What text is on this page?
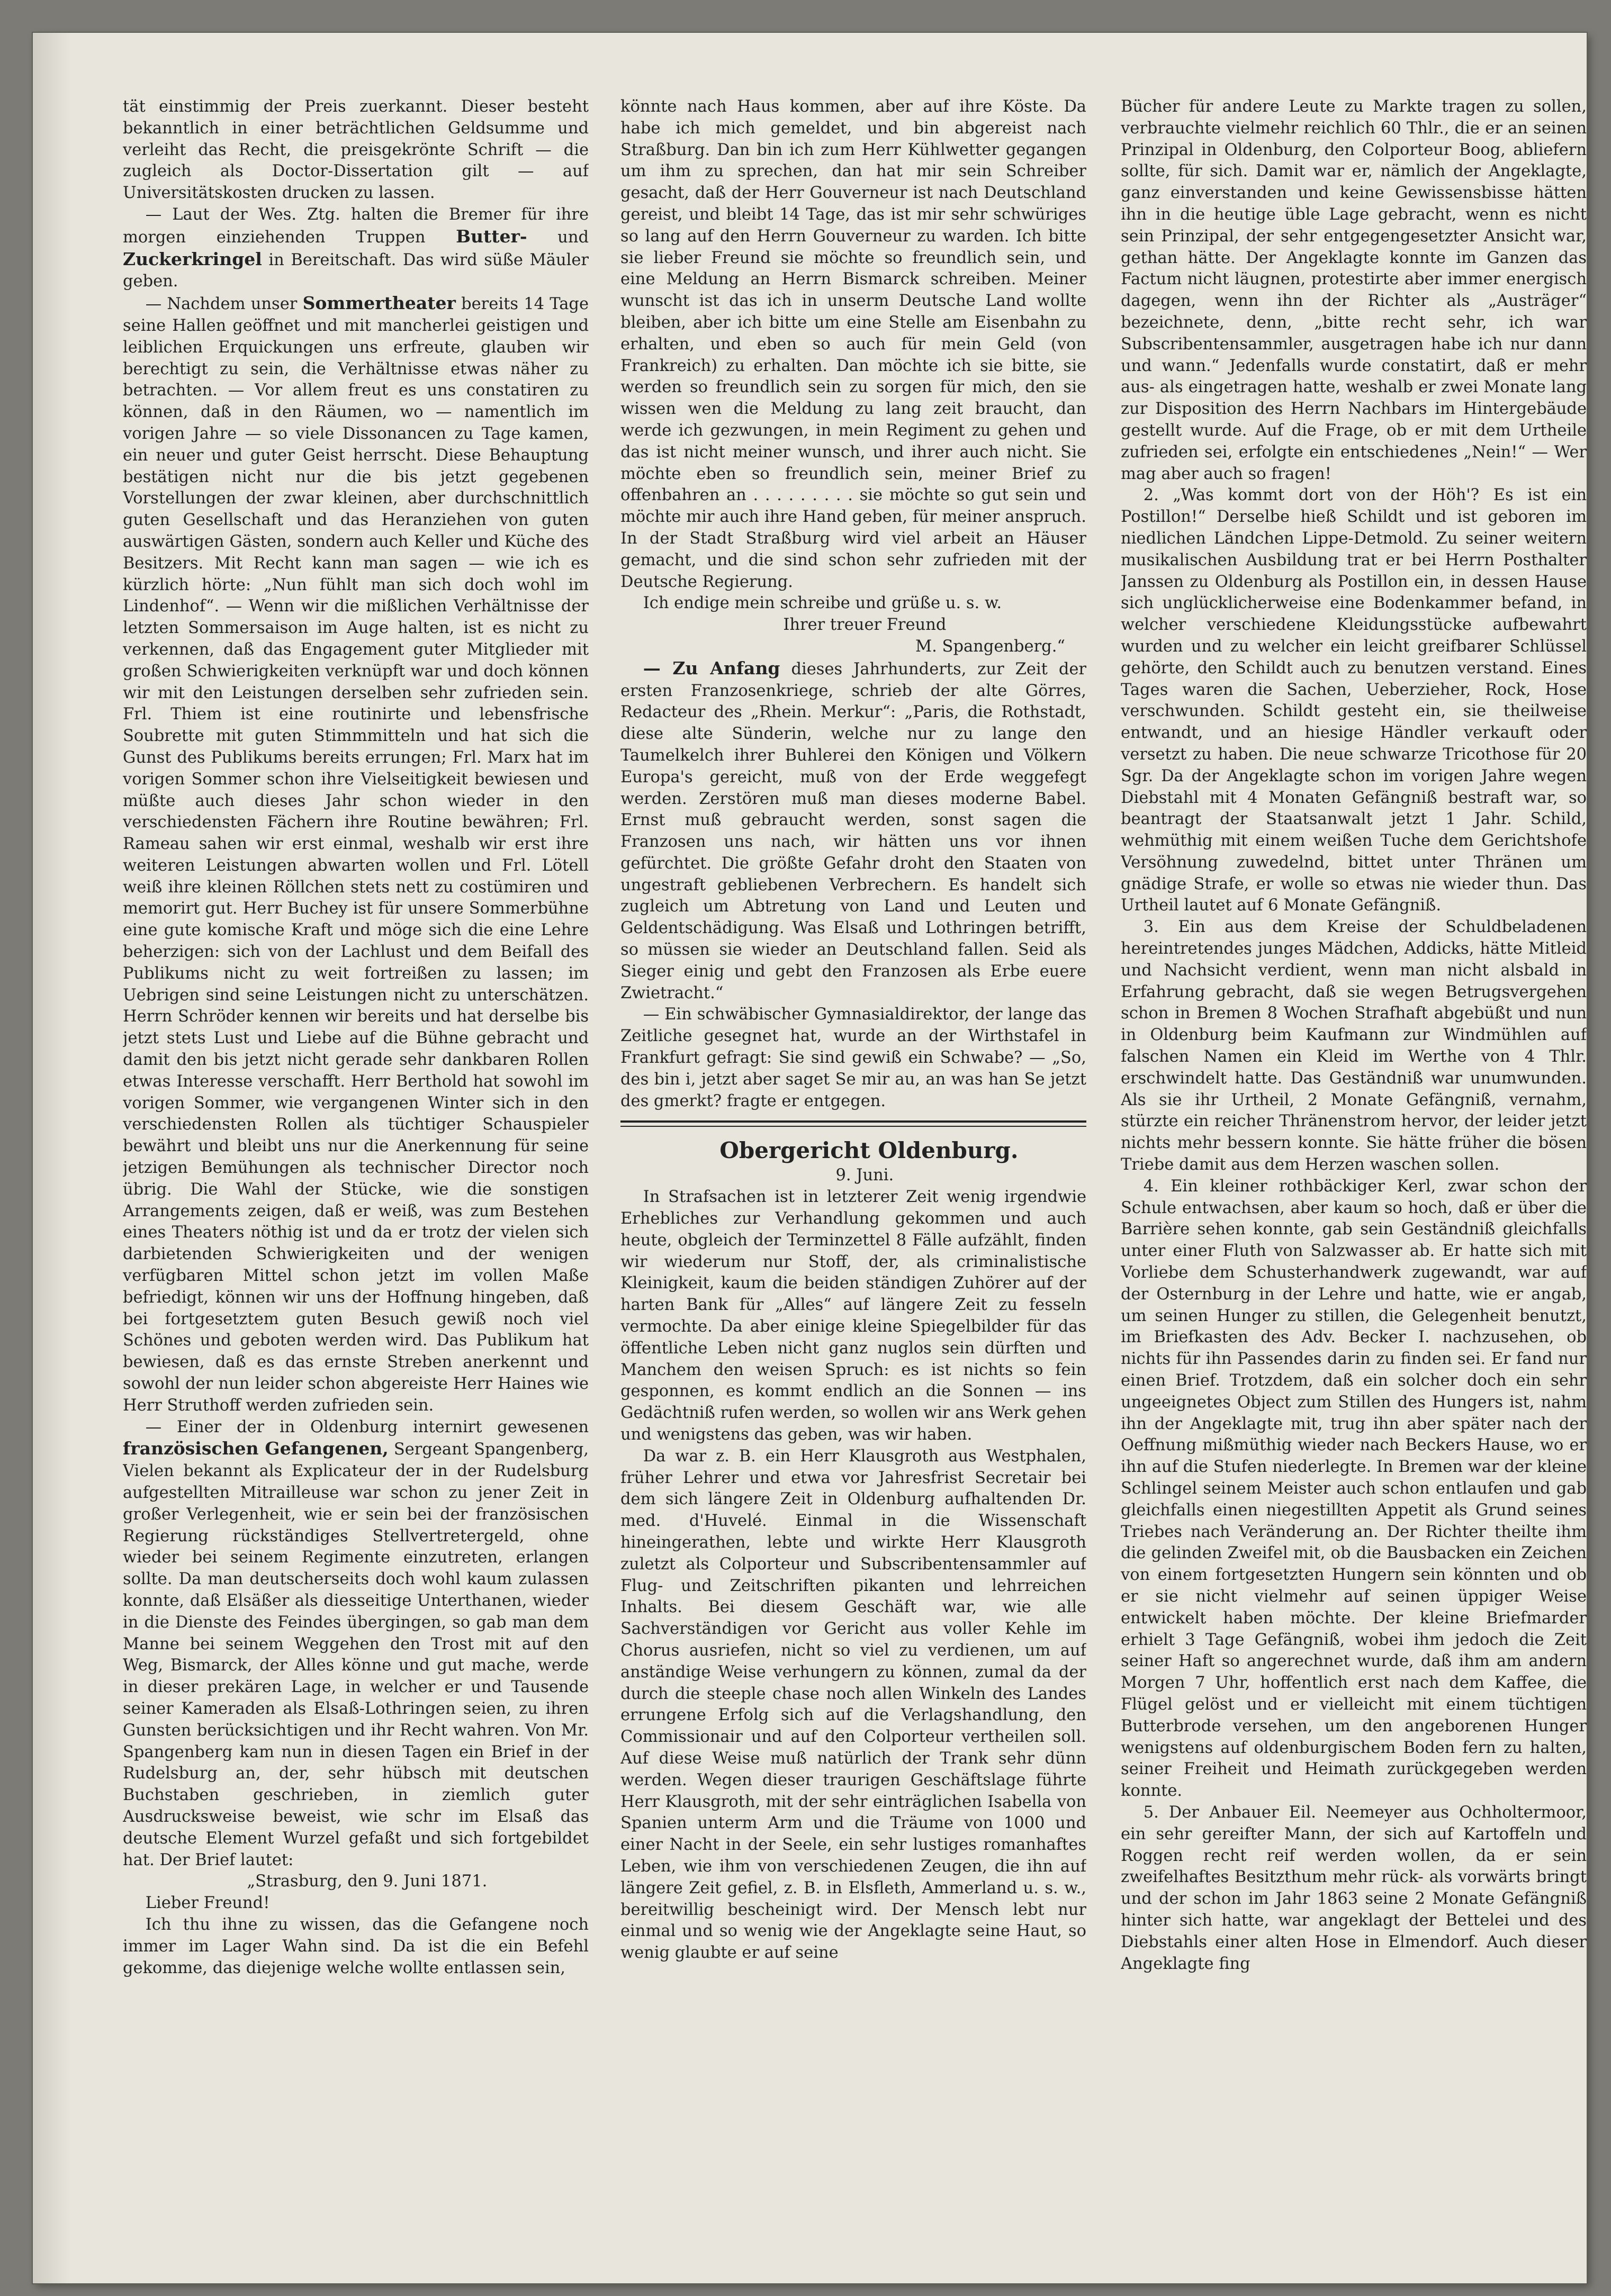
tät einstimmig der Preis zuerkannt. Dieser besteht bekanntlich in einer beträchtlichen Geldsumme und verleiht das Recht, die preisgekrönte Schrift — die zugleich als Doctor-Dissertation gilt — auf Universitätskosten drucken zu lassen.

— Laut der Wes. Ztg. halten die Bremer für ihre morgen einziehenden Truppen Butter- und Zuckerkringel in Bereitschaft. Das wird süße Mäuler geben.

— Nachdem unser Sommertheater bereits 14 Tage seine Hallen geöffnet und mit mancherlei geistigen und leiblichen Erquickungen uns erfreute, glauben wir berechtigt zu sein, die Verhältnisse etwas näher zu betrachten. — Vor allem freut es uns constatiren zu können, daß in den Räumen, wo — namentlich im vorigen Jahre — so viele Dissonancen zu Tage kamen, ein neuer und guter Geist herrscht. Diese Behauptung bestätigen nicht nur die bis jetzt gegebenen Vorstellungen der zwar kleinen, aber durchschnittlich guten Gesellschaft und das Heranziehen von guten auswärtigen Gästen, sondern auch Keller und Küche des Besitzers. Mit Recht kann man sagen — wie ich es kürzlich hörte: „Nun fühlt man sich doch wohl im Lindenhof“. — Wenn wir die mißlichen Verhältnisse der letzten Sommersaison im Auge halten, ist es nicht zu verkennen, daß das Engagement guter Mitglieder mit großen Schwierigkeiten verknüpft war und doch können wir mit den Leistungen derselben sehr zufrieden sein. Frl. Thiem ist eine routinirte und lebensfrische Soubrette mit guten Stimmmitteln und hat sich die Gunst des Publikums bereits errungen; Frl. Marx hat im vorigen Sommer schon ihre Vielseitigkeit bewiesen und müßte auch dieses Jahr schon wieder in den verschiedensten Fächern ihre Routine bewähren; Frl. Rameau sahen wir erst einmal, weshalb wir erst ihre weiteren Leistungen abwarten wollen und Frl. Lötell weiß ihre kleinen Röllchen stets nett zu costümiren und memorirt gut. Herr Buchey ist für unsere Sommerbühne eine gute komische Kraft und möge sich die eine Lehre beherzigen: sich von der Lachlust und dem Beifall des Publikums nicht zu weit fortreißen zu lassen; im Uebrigen sind seine Leistungen nicht zu unterschätzen. Herrn Schröder kennen wir bereits und hat derselbe bis jetzt stets Lust und Liebe auf die Bühne gebracht und damit den bis jetzt nicht gerade sehr dankbaren Rollen etwas Interesse verschafft. Herr Berthold hat sowohl im vorigen Sommer, wie vergangenen Winter sich in den verschiedensten Rollen als tüchtiger Schauspieler bewährt und bleibt uns nur die Anerkennung für seine jetzigen Bemühungen als technischer Director noch übrig. Die Wahl der Stücke, wie die sonstigen Arrangements zeigen, daß er weiß, was zum Bestehen eines Theaters nöthig ist und da er trotz der vielen sich darbietenden Schwierigkeiten und der wenigen verfügbaren Mittel schon jetzt im vollen Maße befriedigt, können wir uns der Hoffnung hingeben, daß bei fortgesetztem guten Besuch gewiß noch viel Schönes und geboten werden wird. Das Publikum hat bewiesen, daß es das ernste Streben anerkennt und sowohl der nun leider schon abgereiste Herr Haines wie Herr Struthoff werden zufrieden sein.

— Einer der in Oldenburg internirt gewesenen französischen Gefangenen, Sergeant Spangenberg, Vielen bekannt als Explicateur der in der Rudelsburg aufgestellten Mitrailleuse war schon zu jener Zeit in großer Verlegenheit, wie er sein bei der französischen Regierung rückständiges Stellvertretergeld, ohne wieder bei seinem Regimente einzutreten, erlangen sollte. Da man deutscherseits doch wohl kaum zulassen konnte, daß Elsäßer als diesseitige Unterthanen, wieder in die Dienste des Feindes übergingen, so gab man dem Manne bei seinem Weggehen den Trost mit auf den Weg, Bismarck, der Alles könne und gut mache, werde in dieser prekären Lage, in welcher er und Tausende seiner Kameraden als Elsaß-Lothringen seien, zu ihren Gunsten berücksichtigen und ihr Recht wahren. Von Mr. Spangenberg kam nun in diesen Tagen ein Brief in der Rudelsburg an, der, sehr hübsch mit deutschen Buchstaben geschrieben, in ziemlich guter Ausdrucksweise beweist, wie schr im Elsaß das deutsche Element Wurzel gefaßt und sich fortgebildet hat. Der Brief lautet:

„Strasburg, den 9. Juni 1871.

Lieber Freund!

Ich thu ihne zu wissen, das die Gefangene noch immer im Lager Wahn sind. Da ist die ein Befehl gekomme, das diejenige welche wollte entlassen sein,

könnte nach Haus kommen, aber auf ihre Köste. Da habe ich mich gemeldet, und bin abgereist nach Straßburg. Dan bin ich zum Herr Kühlwetter gegangen um ihm zu sprechen, dan hat mir sein Schreiber gesacht, daß der Herr Gouverneur ist nach Deutschland gereist, und bleibt 14 Tage, das ist mir sehr schwüriges so lang auf den Herrn Gouverneur zu warden. Ich bitte sie lieber Freund sie möchte so freundlich sein, und eine Meldung an Herrn Bismarck schreiben. Meiner wunscht ist das ich in unserm Deutsche Land wollte bleiben, aber ich bitte um eine Stelle am Eisenbahn zu erhalten, und eben so auch für mein Geld (von Frankreich) zu erhalten. Dan möchte ich sie bitte, sie werden so freundlich sein zu sorgen für mich, den sie wissen wen die Meldung zu lang zeit braucht, dan werde ich gezwungen, in mein Regiment zu gehen und das ist nicht meiner wunsch, und ihrer auch nicht. Sie möchte eben so freundlich sein, meiner Brief zu offenbahren an . . . . . . . . . sie möchte so gut sein und möchte mir auch ihre Hand geben, für meiner anspruch. In der Stadt Straßburg wird viel arbeit an Häuser gemacht, und die sind schon sehr zufrieden mit der Deutsche Regierung.

Ich endige mein schreibe und grüße u. s. w.

Ihrer treuer Freund

M. Spangenberg.“

— Zu Anfang dieses Jahrhunderts, zur Zeit der ersten Franzosenkriege, schrieb der alte Görres, Redacteur des „Rhein. Merkur“: „Paris, die Rothstadt, diese alte Sünderin, welche nur zu lange den Taumelkelch ihrer Buhlerei den Königen und Völkern Europa's gereicht, muß von der Erde weggefegt werden. Zerstören muß man dieses moderne Babel. Ernst muß gebraucht werden, sonst sagen die Franzosen uns nach, wir hätten uns vor ihnen gefürchtet. Die größte Gefahr droht den Staaten von ungestraft gebliebenen Verbrechern. Es handelt sich zugleich um Abtretung von Land und Leuten und Geldentschädigung. Was Elsaß und Lothringen betrifft, so müssen sie wieder an Deutschland fallen. Seid als Sieger einig und gebt den Franzosen als Erbe euere Zwietracht.“

— Ein schwäbischer Gymnasialdirektor, der lange das Zeitliche gesegnet hat, wurde an der Wirthstafel in Frankfurt gefragt: Sie sind gewiß ein Schwabe? — „So, des bin i, jetzt aber saget Se mir au, an was han Se jetzt des gmerkt? fragte er entgegen.

Obergericht Oldenburg.

9. Juni.

In Strafsachen ist in letzterer Zeit wenig irgendwie Erhebliches zur Verhandlung gekommen und auch heute, obgleich der Terminzettel 8 Fälle aufzählt, finden wir wiederum nur Stoff, der, als criminalistische Kleinigkeit, kaum die beiden ständigen Zuhörer auf der harten Bank für „Alles“ auf längere Zeit zu fesseln vermochte. Da aber einige kleine Spiegelbilder für das öffentliche Leben nicht ganz nuglos sein dürften und Manchem den weisen Spruch: es ist nichts so fein gesponnen, es kommt endlich an die Sonnen — ins Gedächtniß rufen werden, so wollen wir ans Werk gehen und wenigstens das geben, was wir haben.

Da war z. B. ein Herr Klausgroth aus Westphalen, früher Lehrer und etwa vor Jahresfrist Secretair bei dem sich längere Zeit in Oldenburg aufhaltenden Dr. med. d'Huvelé. Einmal in die Wissenschaft hineingerathen, lebte und wirkte Herr Klausgroth zuletzt als Colporteur und Subscribentensammler auf Flug- und Zeitschriften pikanten und lehrreichen Inhalts. Bei diesem Geschäft war, wie alle Sachverständigen vor Gericht aus voller Kehle im Chorus ausriefen, nicht so viel zu verdienen, um auf anständige Weise verhungern zu können, zumal da der durch die steeple chase noch allen Winkeln des Landes errungene Erfolg sich auf die Verlagshandlung, den Commissionair und auf den Colporteur vertheilen soll. Auf diese Weise muß natürlich der Trank sehr dünn werden. Wegen dieser traurigen Geschäftslage führte Herr Klausgroth, mit der sehr einträglichen Isabella von Spanien unterm Arm und die Träume von 1000 und einer Nacht in der Seele, ein sehr lustiges romanhaftes Leben, wie ihm von verschiedenen Zeugen, die ihn auf längere Zeit gefiel, z. B. in Elsfleth, Ammerland u. s. w., bereitwillig bescheinigt wird. Der Mensch lebt nur einmal und so wenig wie der Angeklagte seine Haut, so wenig glaubte er auf seine

Bücher für andere Leute zu Markte tragen zu sollen, verbrauchte vielmehr reichlich 60 Thlr., die er an seinen Prinzipal in Oldenburg, den Colporteur Boog, abliefern sollte, für sich. Damit war er, nämlich der Angeklagte, ganz einverstanden und keine Gewissensbisse hätten ihn in die heutige üble Lage gebracht, wenn es nicht sein Prinzipal, der sehr entgegengesetzter Ansicht war, gethan hätte. Der Angeklagte konnte im Ganzen das Factum nicht läugnen, protestirte aber immer energisch dagegen, wenn ihn der Richter als „Austräger“ bezeichnete, denn, „bitte recht sehr, ich war Subscribentensammler, ausgetragen habe ich nur dann und wann.“ Jedenfalls wurde constatirt, daß er mehr aus- als eingetragen hatte, weshalb er zwei Monate lang zur Disposition des Herrn Nachbars im Hintergebäude gestellt wurde. Auf die Frage, ob er mit dem Urtheile zufrieden sei, erfolgte ein entschiedenes „Nein!“ — Wer mag aber auch so fragen!

2. „Was kommt dort von der Höh'? Es ist ein Postillon!“ Derselbe hieß Schildt und ist geboren im niedlichen Ländchen Lippe-Detmold. Zu seiner weitern musikalischen Ausbildung trat er bei Herrn Posthalter Janssen zu Oldenburg als Postillon ein, in dessen Hause sich unglücklicherweise eine Bodenkammer befand, in welcher verschiedene Kleidungsstücke aufbewahrt wurden und zu welcher ein leicht greifbarer Schlüssel gehörte, den Schildt auch zu benutzen verstand. Eines Tages waren die Sachen, Ueberzieher, Rock, Hose verschwunden. Schildt gesteht ein, sie theilweise entwandt, und an hiesige Händler verkauft oder versetzt zu haben. Die neue schwarze Tricothose für 20 Sgr. Da der Angeklagte schon im vorigen Jahre wegen Diebstahl mit 4 Monaten Gefängniß bestraft war, so beantragt der Staatsanwalt jetzt 1 Jahr. Schild, wehmüthig mit einem weißen Tuche dem Gerichtshofe Versöhnung zuwedelnd, bittet unter Thränen um gnädige Strafe, er wolle so etwas nie wieder thun. Das Urtheil lautet auf 6 Monate Gefängniß.

3. Ein aus dem Kreise der Schuldbeladenen hereintretendes junges Mädchen, Addicks, hätte Mitleid und Nachsicht verdient, wenn man nicht alsbald in Erfahrung gebracht, daß sie wegen Betrugsvergehen schon in Bremen 8 Wochen Strafhaft abgebüßt und nun in Oldenburg beim Kaufmann zur Windmühlen auf falschen Namen ein Kleid im Werthe von 4 Thlr. erschwindelt hatte. Das Geständniß war unumwunden. Als sie ihr Urtheil, 2 Monate Gefängniß, vernahm, stürzte ein reicher Thränenstrom hervor, der leider jetzt nichts mehr bessern konnte. Sie hätte früher die bösen Triebe damit aus dem Herzen waschen sollen.

4. Ein kleiner rothbäckiger Kerl, zwar schon der Schule entwachsen, aber kaum so hoch, daß er über die Barrière sehen konnte, gab sein Geständniß gleichfalls unter einer Fluth von Salzwasser ab. Er hatte sich mit Vorliebe dem Schusterhandwerk zugewandt, war auf der Osternburg in der Lehre und hatte, wie er angab, um seinen Hunger zu stillen, die Gelegenheit benutzt, im Briefkasten des Adv. Becker I. nachzusehen, ob nichts für ihn Passendes darin zu finden sei. Er fand nur einen Brief. Trotzdem, daß ein solcher doch ein sehr ungeeignetes Object zum Stillen des Hungers ist, nahm ihn der Angeklagte mit, trug ihn aber später nach der Oeffnung mißmüthig wieder nach Beckers Hause, wo er ihn auf die Stufen niederlegte. In Bremen war der kleine Schlingel seinem Meister auch schon entlaufen und gab gleichfalls einen niegestillten Appetit als Grund seines Triebes nach Veränderung an. Der Richter theilte ihm die gelinden Zweifel mit, ob die Bausbacken ein Zeichen von einem fortgesetzten Hungern sein könnten und ob er sie nicht vielmehr auf seinen üppiger Weise entwickelt haben möchte. Der kleine Briefmarder erhielt 3 Tage Gefängniß, wobei ihm jedoch die Zeit seiner Haft so angerechnet wurde, daß ihm am andern Morgen 7 Uhr, hoffentlich erst nach dem Kaffee, die Flügel gelöst und er vielleicht mit einem tüchtigen Butterbrode versehen, um den angeborenen Hunger wenigstens auf oldenburgischem Boden fern zu halten, seiner Freiheit und Heimath zurückgegeben werden konnte.

5. Der Anbauer Eil. Neemeyer aus Ochholtermoor, ein sehr gereifter Mann, der sich auf Kartoffeln und Roggen recht reif werden wollen, da er sein zweifelhaftes Besitzthum mehr rück- als vorwärts bringt und der schon im Jahr 1863 seine 2 Monate Gefängniß hinter sich hatte, war angeklagt der Bettelei und des Diebstahls einer alten Hose in Elmendorf. Auch dieser Angeklagte fing
